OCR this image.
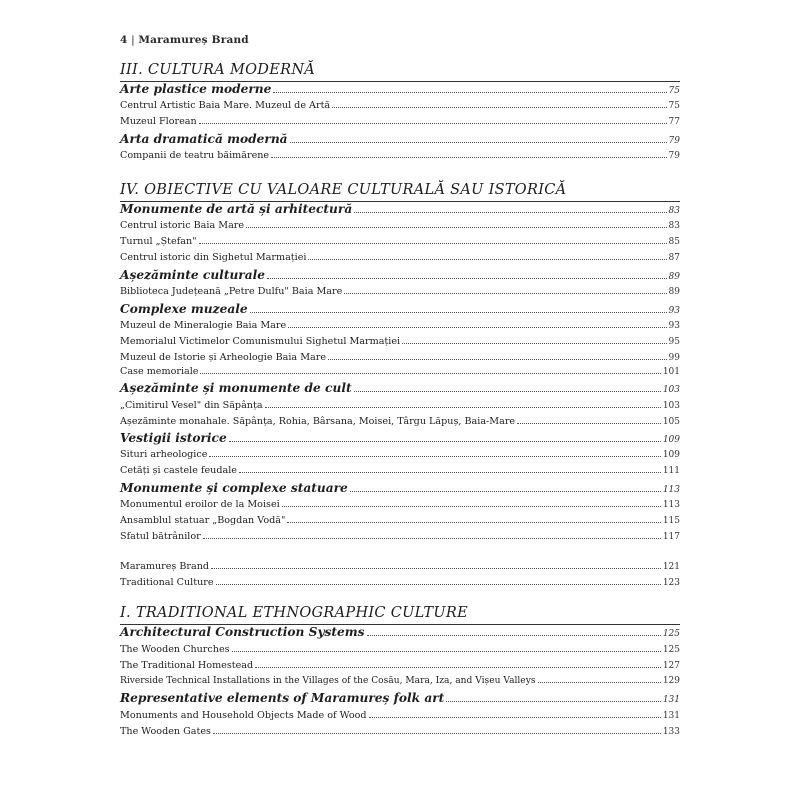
4 | Maramureș Brand
III. CULTURA MODERNĂ
Arte plastice moderne	75
Centrul Artistic Baia Mare. Muzeul de Artă	75
Muzeul Florean	77
Arta dramatică modernă	79
Companii de teatru băimărene	79
IV. OBIECTIVE CU VALOARE CULTURALĂ SAU ISTORICĂ
Monumente de artă și arhitectură	83
Centrul istoric Baia Mare	83
Turnul „Ștefan"	85
Centrul istoric din Sighetul Marmației	87
Așezăminte culturale	89
Biblioteca Județeană „Petre Dulfu" Baia Mare	89
Complexe muzeale	93
Muzeul de Mineralogie Baia Mare	93
Memorialul Victimelor Comunismului Sighetul Marmației	95
Muzeul de Istorie și Arheologie Baia Mare	99
Case memoriale	101
Așezăminte și monumente de cult	103
„Cimitirul Vesel" din Săpânța	103
Așezăminte monahale. Săpânța, Rohia, Bârsana, Moisei, Târgu Lăpuș, Baia-Mare	105
Vestigii istorice	109
Situri arheologice	109
Cetăți și castele feudale	111
Monumente și complexe statuare	113
Monumentul eroilor de la Moisei	113
Ansamblul statuar „Bogdan Vodă"	115
Sfatul bătrânilor	117
Maramureș Brand	121
Traditional Culture	123
I. TRADITIONAL ETHNOGRAPHIC CULTURE
Architectural Construction Systems	125
The Wooden Churches	125
The Traditional Homestead	127
Riverside Technical Installations in the Villages of the Cosău, Mara, Iza, and Vișeu Valleys	129
Representative elements of Maramureș folk art	131
Monuments and Household Objects Made of Wood	131
The Wooden Gates	133
